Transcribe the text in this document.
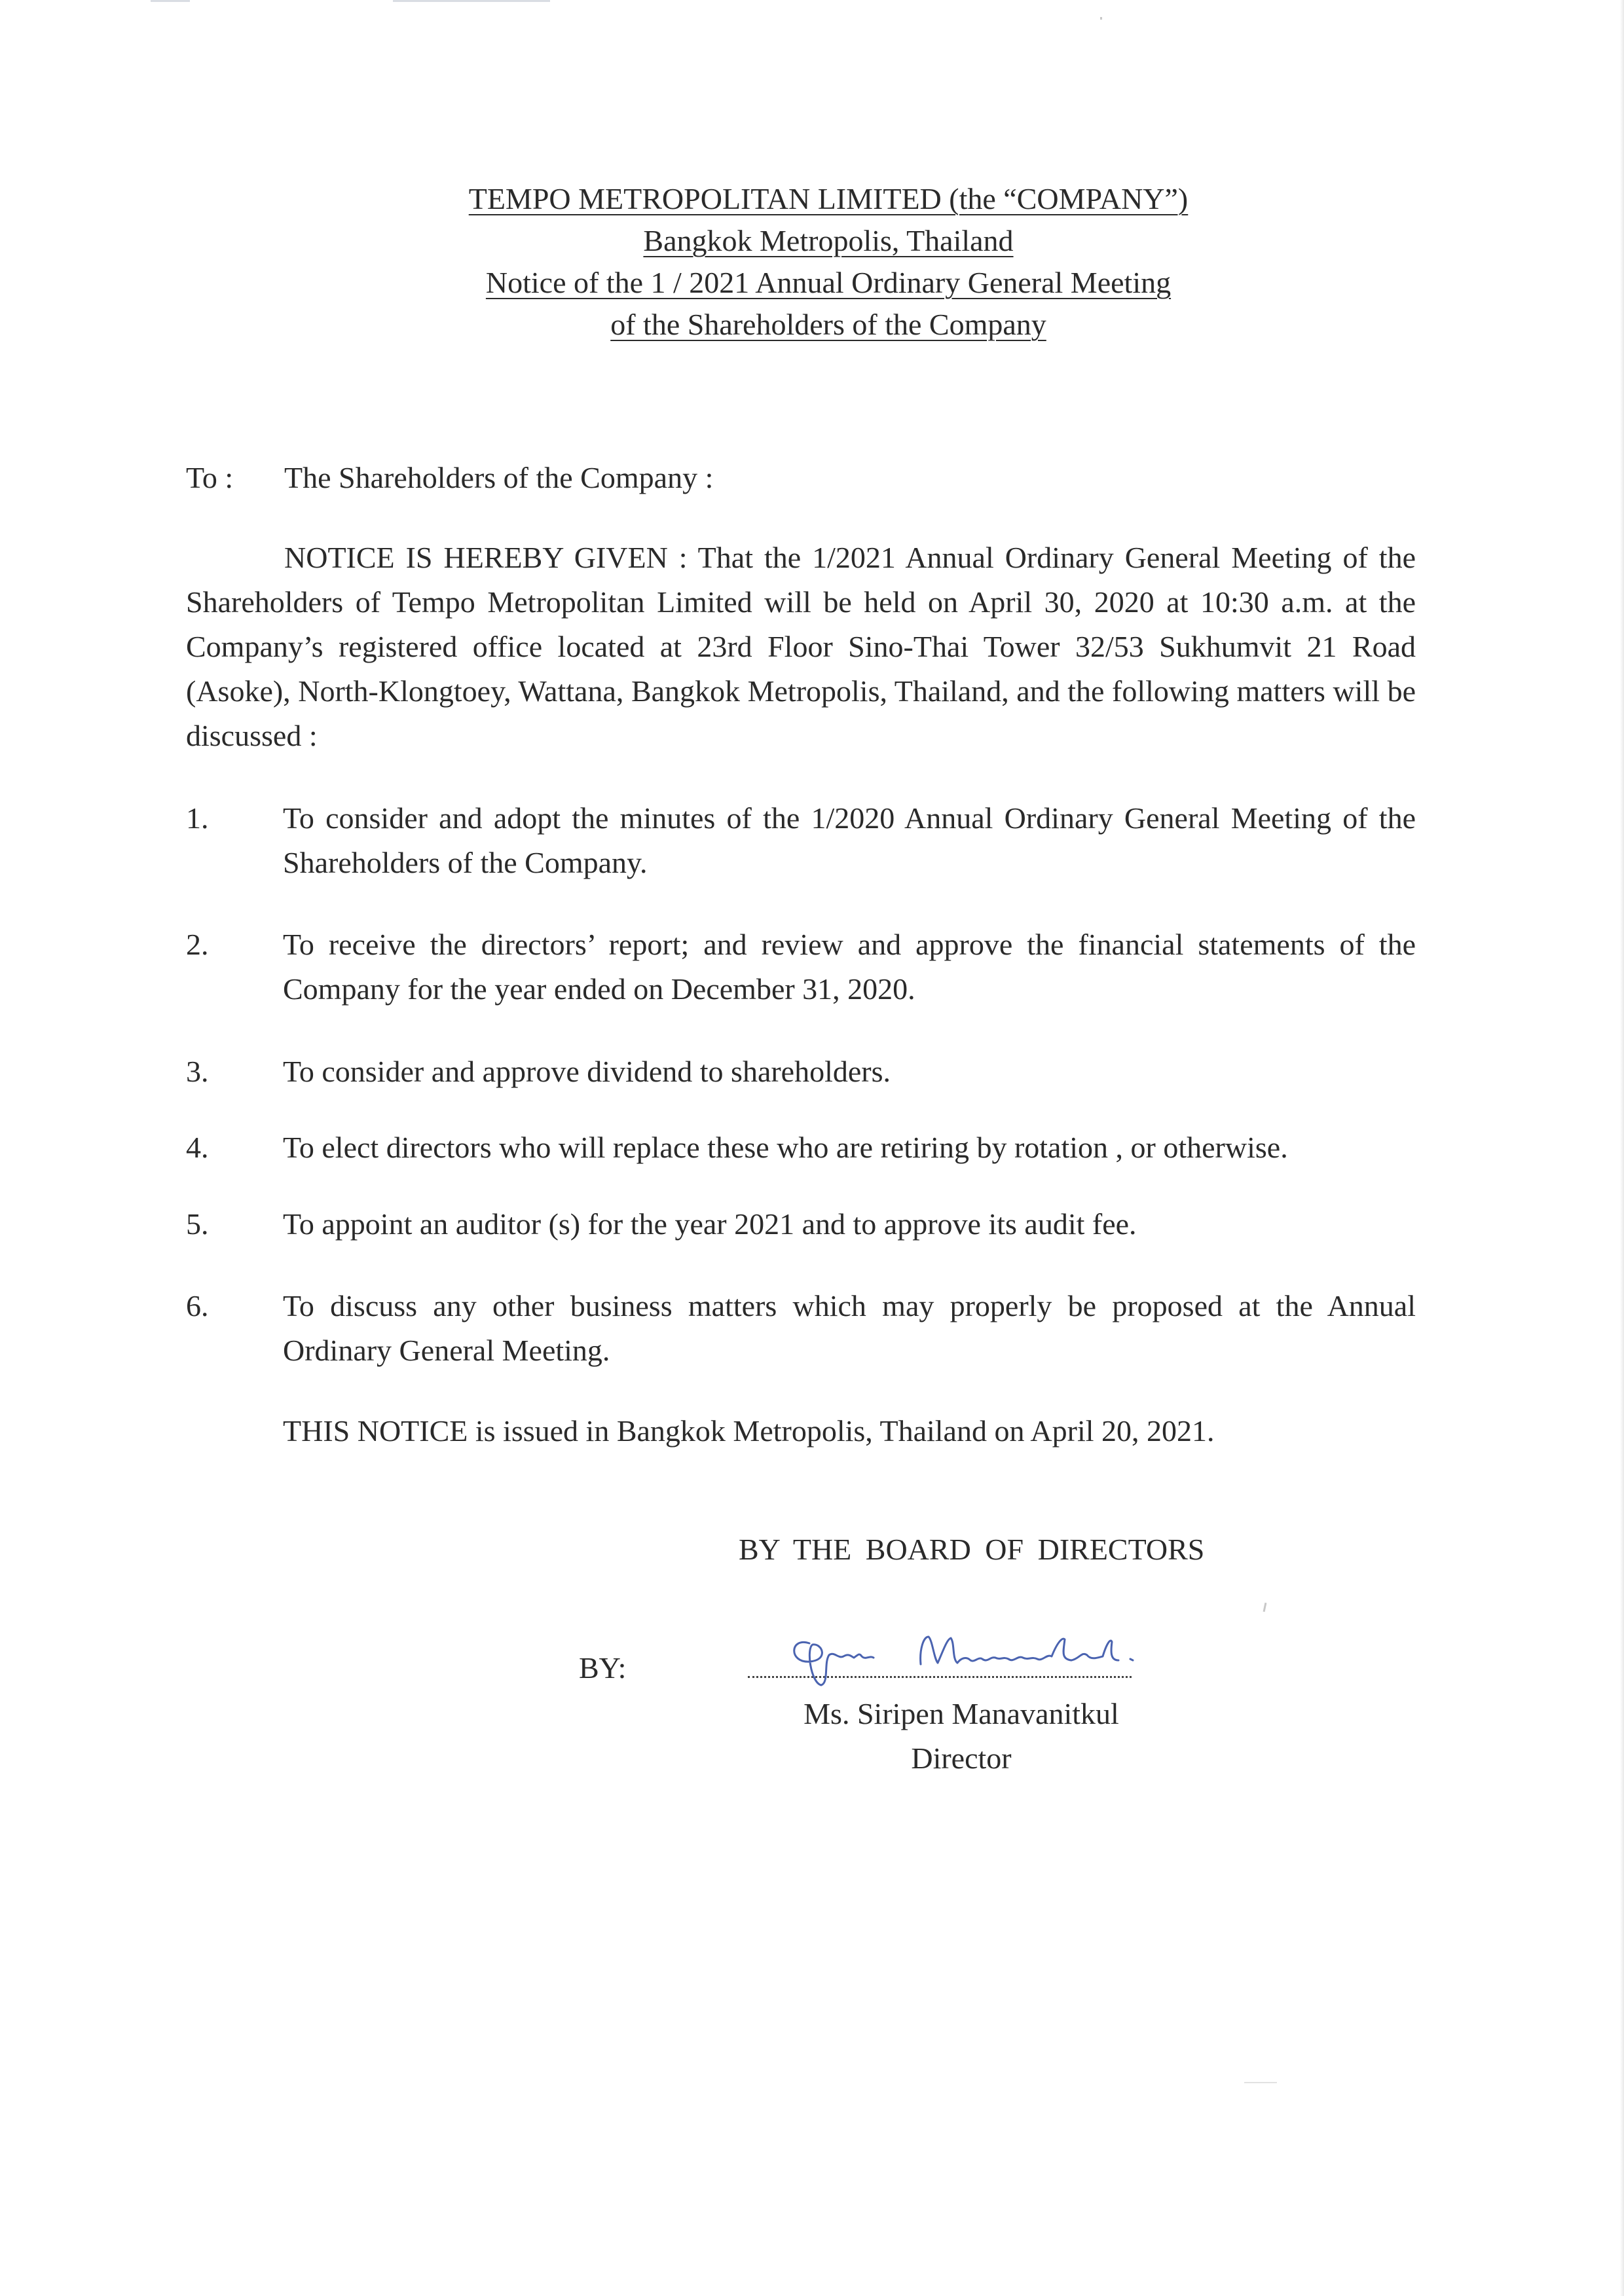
TEMPO METROPOLITAN LIMITED (the “COMPANY”)
Bangkok Metropolis, Thailand
Notice of the 1 / 2021 Annual Ordinary General Meeting
of the Shareholders of the Company
To : The Shareholders of the Company :
NOTICE IS HEREBY GIVEN : That the 1/2021 Annual Ordinary General Meeting of the Shareholders of Tempo Metropolitan Limited will be held on April 30, 2020 at 10:30 a.m. at the Company’s registered office located at 23rd Floor Sino-Thai Tower 32/53 Sukhumvit 21 Road (Asoke), North-Klongtoey, Wattana, Bangkok Metropolis, Thailand, and the following matters will be discussed :
1.	To consider and adopt the minutes of the 1/2020 Annual Ordinary General Meeting of the Shareholders of the Company.
2.	To receive the directors’ report; and review and approve the financial statements of the Company for the year ended on December 31, 2020.
3.	To consider and approve dividend to shareholders.
4.	To elect directors who will replace these who are retiring by rotation , or otherwise.
5.	To appoint an auditor (s) for the year 2021 and to approve its audit fee.
6.	To discuss any other business matters which may properly be proposed at the Annual Ordinary General Meeting.
THIS NOTICE is issued in Bangkok Metropolis, Thailand on April 20, 2021.
BY THE BOARD OF DIRECTORS
BY:
Ms. Siripen Manavanitkul
Director
